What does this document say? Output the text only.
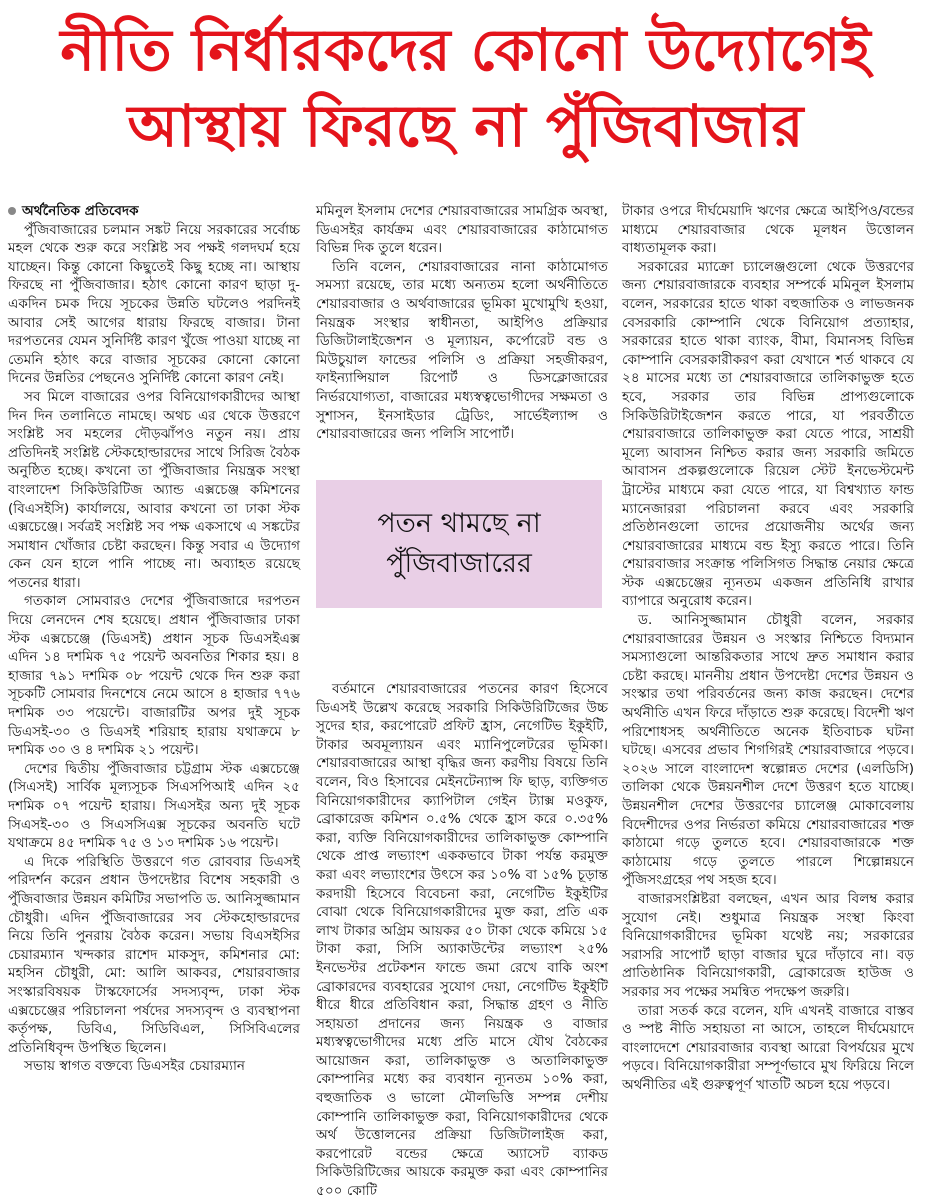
নীতি নির্ধারকদের কোনো উদ্যোগেই
আস্থায় ফিরছে না পুঁজিবাজার

অর্থনৈতিক প্রতিবেদক

পুঁজিবাজারের চলমান সঙ্কট নিয়ে সরকারের সর্বোচ্চ মহল থেকে শুরু করে সংশ্লিষ্ট সব পক্ষই গলদঘর্ম হয়ে যাচ্ছেন। কিন্তু কোনো কিছুতেই কিছু হচ্ছে না। আস্থায় ফিরছে না পুঁজিবাজার। হঠাৎ কোনো কারণ ছাড়া দু-একদিন চমক দিয়ে সূচকের উন্নতি ঘটলেও পরদিনই আবার সেই আগের ধারায় ফিরছে বাজার। টানা দরপতনের যেমন সুনির্দিষ্ট কারণ খুঁজে পাওয়া যাচ্ছে না তেমনি হঠাৎ করে বাজার সূচকের কোনো কোনো দিনের উন্নতির পেছনেও সুনির্দিষ্ট কোনো কারণ নেই।

সব মিলে বাজারের ওপর বিনিয়োগকারীদের আস্থা দিন দিন তলানিতে নামছে। অথচ এর থেকে উত্তরণে সংশ্লিষ্ট সব মহলের দৌড়ঝাঁপও নতুন নয়। প্রায় প্রতিদিনই সংশ্লিষ্ট স্টেকহোল্ডারদের সাথে সিরিজ বৈঠক অনুষ্ঠিত হচ্ছে। কখনো তা পুঁজিবাজার নিয়ন্ত্রক সংস্থা বাংলাদেশ সিকিউরিটিজ অ্যান্ড এক্সচেঞ্জ কমিশনের (বিএসইসি) কার্যালয়ে, আবার কখনো তা ঢাকা স্টক এক্সচেঞ্জে। সর্বত্রই সংশ্লিষ্ট সব পক্ষ একসাথে এ সঙ্কটের সমাধান খোঁজার চেষ্টা করছেন। কিন্তু সবার এ উদ্যোগ কেন যেন হালে পানি পাচ্ছে না। অব্যাহত রয়েছে পতনের ধারা।

গতকাল সোমবারও দেশের পুঁজিবাজারে দরপতন দিয়ে লেনদেন শেষ হয়েছে। প্রধান পুঁজিবাজার ঢাকা স্টক এক্সচেঞ্জে (ডিএসই) প্রধান সূচক ডিএসইএক্স এদিন ১৪ দশমিক ৭৫ পয়েন্ট অবনতির শিকার হয়। ৪ হাজার ৭৯১ দশমিক ০৮ পয়েন্ট থেকে দিন শুরু করা সূচকটি সোমবার দিনশেষে নেমে আসে ৪ হাজার ৭৭৬ দশমিক ৩৩ পয়েন্টে। বাজারটির অপর দুই সূচক ডিএসই-৩০ ও ডিএসই শরিয়াহ হারায় যথাক্রমে ৮ দশমিক ৩০ ও ৪ দশমিক ২১ পয়েন্ট।

দেশের দ্বিতীয় পুঁজিবাজার চট্টগ্রাম স্টক এক্সচেঞ্জে (সিএসই) সার্বিক মূল্যসূচক সিএসপিআই এদিন ২৫ দশমিক ০৭ পয়েন্ট হারায়। সিএসইর অন্য দুই সূচক সিএসই-৩০ ও সিএসসিএক্স সূচকের অবনতি ঘটে যথাক্রমে ৪৫ দশমিক ৭৫ ও ১৩ দশমিক ১৬ পয়েন্ট।

এ দিকে পরিস্থিতি উত্তরণে গত রোববার ডিএসই পরিদর্শন করেন প্রধান উপদেষ্টার বিশেষ সহকারী ও পুঁজিবাজার উন্নয়ন কমিটির সভাপতি ড. আনিসুজ্জামান চৌধুরী। এদিন পুঁজিবাজারের সব স্টেকহোল্ডারদের নিয়ে তিনি পুনরায় বৈঠক করেন। সভায় বিএসইসির চেয়ারম্যান খন্দকার রাশেদ মাকসুদ, কমিশনার মো: মহসিন চৌধুরী, মো: আলি আকবর, শেয়ারবাজার সংস্কারবিষয়ক টাস্কফোর্সের সদস্যবৃন্দ, ঢাকা স্টক এক্সচেঞ্জের পরিচালনা পর্ষদের সদস্যবৃন্দ ও ব্যবস্থাপনা কর্তৃপক্ষ, ডিবিএ, সিডিবিএল, সিসিবিএলের প্রতিনিধিবৃন্দ উপস্থিত ছিলেন।

সভায় স্বাগত বক্তব্যে ডিএসইর চেয়ারম্যান

মমিনুল ইসলাম দেশের শেয়ারবাজারের সামগ্রিক অবস্থা, ডিএসইর কার্যক্রম এবং শেয়ারবাজারের কাঠামোগত বিভিন্ন দিক তুলে ধরেন।

তিনি বলেন, শেয়ারবাজারের নানা কাঠামোগত সমস্যা রয়েছে, তার মধ্যে অন্যতম হলো অর্থনীতিতে শেয়ারবাজার ও অর্থবাজারের ভূমিকা মুখোমুখি হওয়া, নিয়ন্ত্রক সংস্থার স্বাধীনতা, আইপিও প্রক্রিয়ার ডিজিটালাইজেশন ও মূল্যায়ন, কর্পোরেট বন্ড ও মিউচুয়াল ফান্ডের পলিসি ও প্রক্রিয়া সহজীকরণ, ফাইন্যান্সিয়াল রিপোর্ট ও ডিসক্লোজারের নির্ভরযোগ্যতা, বাজারের মধ্যস্বত্বভোগীদের সক্ষমতা ও সুশাসন, ইনসাইডার ট্রেডিং, সার্ভেইল্যান্স ও শেয়ারবাজারের জন্য পলিসি সাপোর্ট।

বর্তমানে শেয়ারবাজারের পতনের কারণ হিসেবে ডিএসই উল্লেখ করেছে সরকারি সিকিউরিটিজের উচ্চ সুদের হার, করপোরেট প্রফিট হ্রাস, নেগেটিভ ইকুইটি, টাকার অবমূল্যায়ন এবং ম্যানিপুলেটরের ভূমিকা। শেয়ারবাজারের আস্থা বৃদ্ধির জন্য করণীয় বিষয়ে তিনি বলেন, বিও হিসাবের মেইনটেন্যান্স ফি ছাড়, ব্যক্তিগত বিনিয়োগকারীদের ক্যাপিটাল গেইন ট্যাক্স মওকুফ, ব্রোকারেজ কমিশন ০.৫% থেকে হ্রাস করে ০.৩৫% করা, ব্যক্তি বিনিয়োগকারীদের তালিকাভুক্ত কোম্পানি থেকে প্রাপ্ত লভ্যাংশ এককভাবে টাকা পর্যন্ত করমুক্ত করা এবং লভ্যাংশের উৎসে কর ১০% বা ১৫% চূড়ান্ত করদায়ী হিসেবে বিবেচনা করা, নেগেটিভ ইকুইটির বোঝা থেকে বিনিয়োগকারীদের মুক্ত করা, প্রতি এক লাখ টাকার অগ্রিম আয়কর ৫০ টাকা থেকে কমিয়ে ১৫ টাকা করা, সিসি অ্যাকাউন্টের লভ্যাংশ ২৫% ইনভেস্টর প্রটেকশন ফান্ডে জমা রেখে বাকি অংশ ব্রোকারদের ব্যবহারের সুযোগ দেয়া, নেগেটিভ ইকুইটি ধীরে ধীরে প্রতিবিধান করা, সিদ্ধান্ত গ্রহণ ও নীতি সহায়তা প্রদানের জন্য নিয়ন্ত্রক ও বাজার মধ্যস্বত্বভোগীদের মধ্যে প্রতি মাসে যৌথ বৈঠকের আয়োজন করা, তালিকাভুক্ত ও অতালিকাভুক্ত কোম্পানির মধ্যে কর ব্যবধান ন্যূনতম ১০% করা, বহুজাতিক ও ভালো মৌলভিত্তি সম্পন্ন দেশীয় কোম্পানি তালিকাভুক্ত করা, বিনিয়োগকারীদের থেকে অর্থ উত্তোলনের প্রক্রিয়া ডিজিটালাইজ করা, করপোরেট বন্ডের ক্ষেত্রে অ্যাসেট ব্যাকড সিকিউরিটিজের আয়কে করমুক্ত করা এবং কোম্পানির ৫০০ কোটি

পতন থামছে না পুঁজিবাজারের

টাকার ওপরে দীর্ঘমেয়াদি ঋণের ক্ষেত্রে আইপিও/বন্ডের মাধ্যমে শেয়ারবাজার থেকে মূলধন উত্তোলন বাধ্যতামূলক করা।

সরকারের ম্যাক্রো চ্যালেঞ্জগুলো থেকে উত্তরণের জন্য শেয়ারবাজারকে ব্যবহার সম্পর্কে মমিনুল ইসলাম বলেন, সরকারের হাতে থাকা বহুজাতিক ও লাভজনক বেসরকারি কোম্পানি থেকে বিনিয়োগ প্রত্যাহার, সরকারের হাতে থাকা ব্যাংক, বীমা, বিমানসহ বিভিন্ন কোম্পানি বেসরকারীকরণ করা যেখানে শর্ত থাকবে যে ২৪ মাসের মধ্যে তা শেয়ারবাজারে তালিকাভুক্ত হতে হবে, সরকার তার বিভিন্ন প্রাপ্যগুলোকে সিকিউরিটাইজেশন করতে পারে, যা পরবর্তীতে শেয়ারবাজারে তালিকাভুক্ত করা যেতে পারে, সাশ্রয়ী মূল্যে আবাসন নিশ্চিত করার জন্য সরকারি জমিতে আবাসন প্রকল্পগুলোকে রিয়েল স্টেট ইনভেস্টমেন্ট ট্রাস্টের মাধ্যমে করা যেতে পারে, যা বিশ্বখ্যাত ফান্ড ম্যানেজাররা পরিচালনা করবে এবং সরকারি প্রতিষ্ঠানগুলো তাদের প্রয়োজনীয় অর্থের জন্য শেয়ারবাজারের মাধ্যমে বন্ড ইস্যু করতে পারে। তিনি শেয়ারবাজার সংক্রান্ত পলিসিগত সিদ্ধান্ত নেয়ার ক্ষেত্রে স্টক এক্সচেঞ্জের ন্যূনতম একজন প্রতিনিধি রাখার ব্যাপারে অনুরোধ করেন।

ড. আনিসুজ্জামান চৌধুরী বলেন, সরকার শেয়ারবাজারের উন্নয়ন ও সংস্কার নিশ্চিতে বিদ্যমান সমস্যাগুলো আন্তরিকতার সাথে দ্রুত সমাধান করার চেষ্টা করছে। মাননীয় প্রধান উপদেষ্টা দেশের উন্নয়ন ও সংস্কার তথা পরিবর্তনের জন্য কাজ করছেন। দেশের অর্থনীতি এখন ফিরে দাঁড়াতে শুরু করেছে। বিদেশী ঋণ পরিশোধসহ অর্থনীতিতে অনেক ইতিবাচক ঘটনা ঘটছে। এসবের প্রভাব শিগগিরই শেয়ারবাজারে পড়বে। ২০২৬ সালে বাংলাদেশ স্বল্পোন্নত দেশের (এলডিসি) তালিকা থেকে উন্নয়নশীল দেশে উত্তরণ হতে যাচ্ছে। উন্নয়নশীল দেশের উত্তরণের চ্যালেঞ্জ মোকাবেলায় বিদেশীদের ওপর নির্ভরতা কমিয়ে শেয়ারবাজারের শক্ত কাঠামো গড়ে তুলতে হবে। শেয়ারবাজারকে শক্ত কাঠামোয় গড়ে তুলতে পারলে শিল্পোন্নয়নে পুঁজিসংগ্রহের পথ সহজ হবে।

বাজারসংশ্লিষ্টরা বলছেন, এখন আর বিলম্ব করার সুযোগ নেই। শুধুমাত্র নিয়ন্ত্রক সংস্থা কিংবা বিনিয়োগকারীদের ভূমিকা যথেষ্ট নয়; সরকারের সরাসরি সাপোর্ট ছাড়া বাজার ঘুরে দাঁড়াবে না। বড় প্রাতিষ্ঠানিক বিনিয়োগকারী, ব্রোকারেজ হাউজ ও সরকার সব পক্ষের সমন্বিত পদক্ষেপ জরুরি।

তারা সতর্ক করে বলেন, যদি এখনই বাজারে বাস্তব ও স্পষ্ট নীতি সহায়তা না আসে, তাহলে দীর্ঘমেয়াদে বাংলাদেশে শেয়ারবাজার ব্যবস্থা আরো বিপর্যয়ের মুখে পড়বে। বিনিয়োগকারীরা সম্পূর্ণভাবে মুখ ফিরিয়ে নিলে অর্থনীতির এই গুরুত্বপূর্ণ খাতটি অচল হয়ে পড়বে।
